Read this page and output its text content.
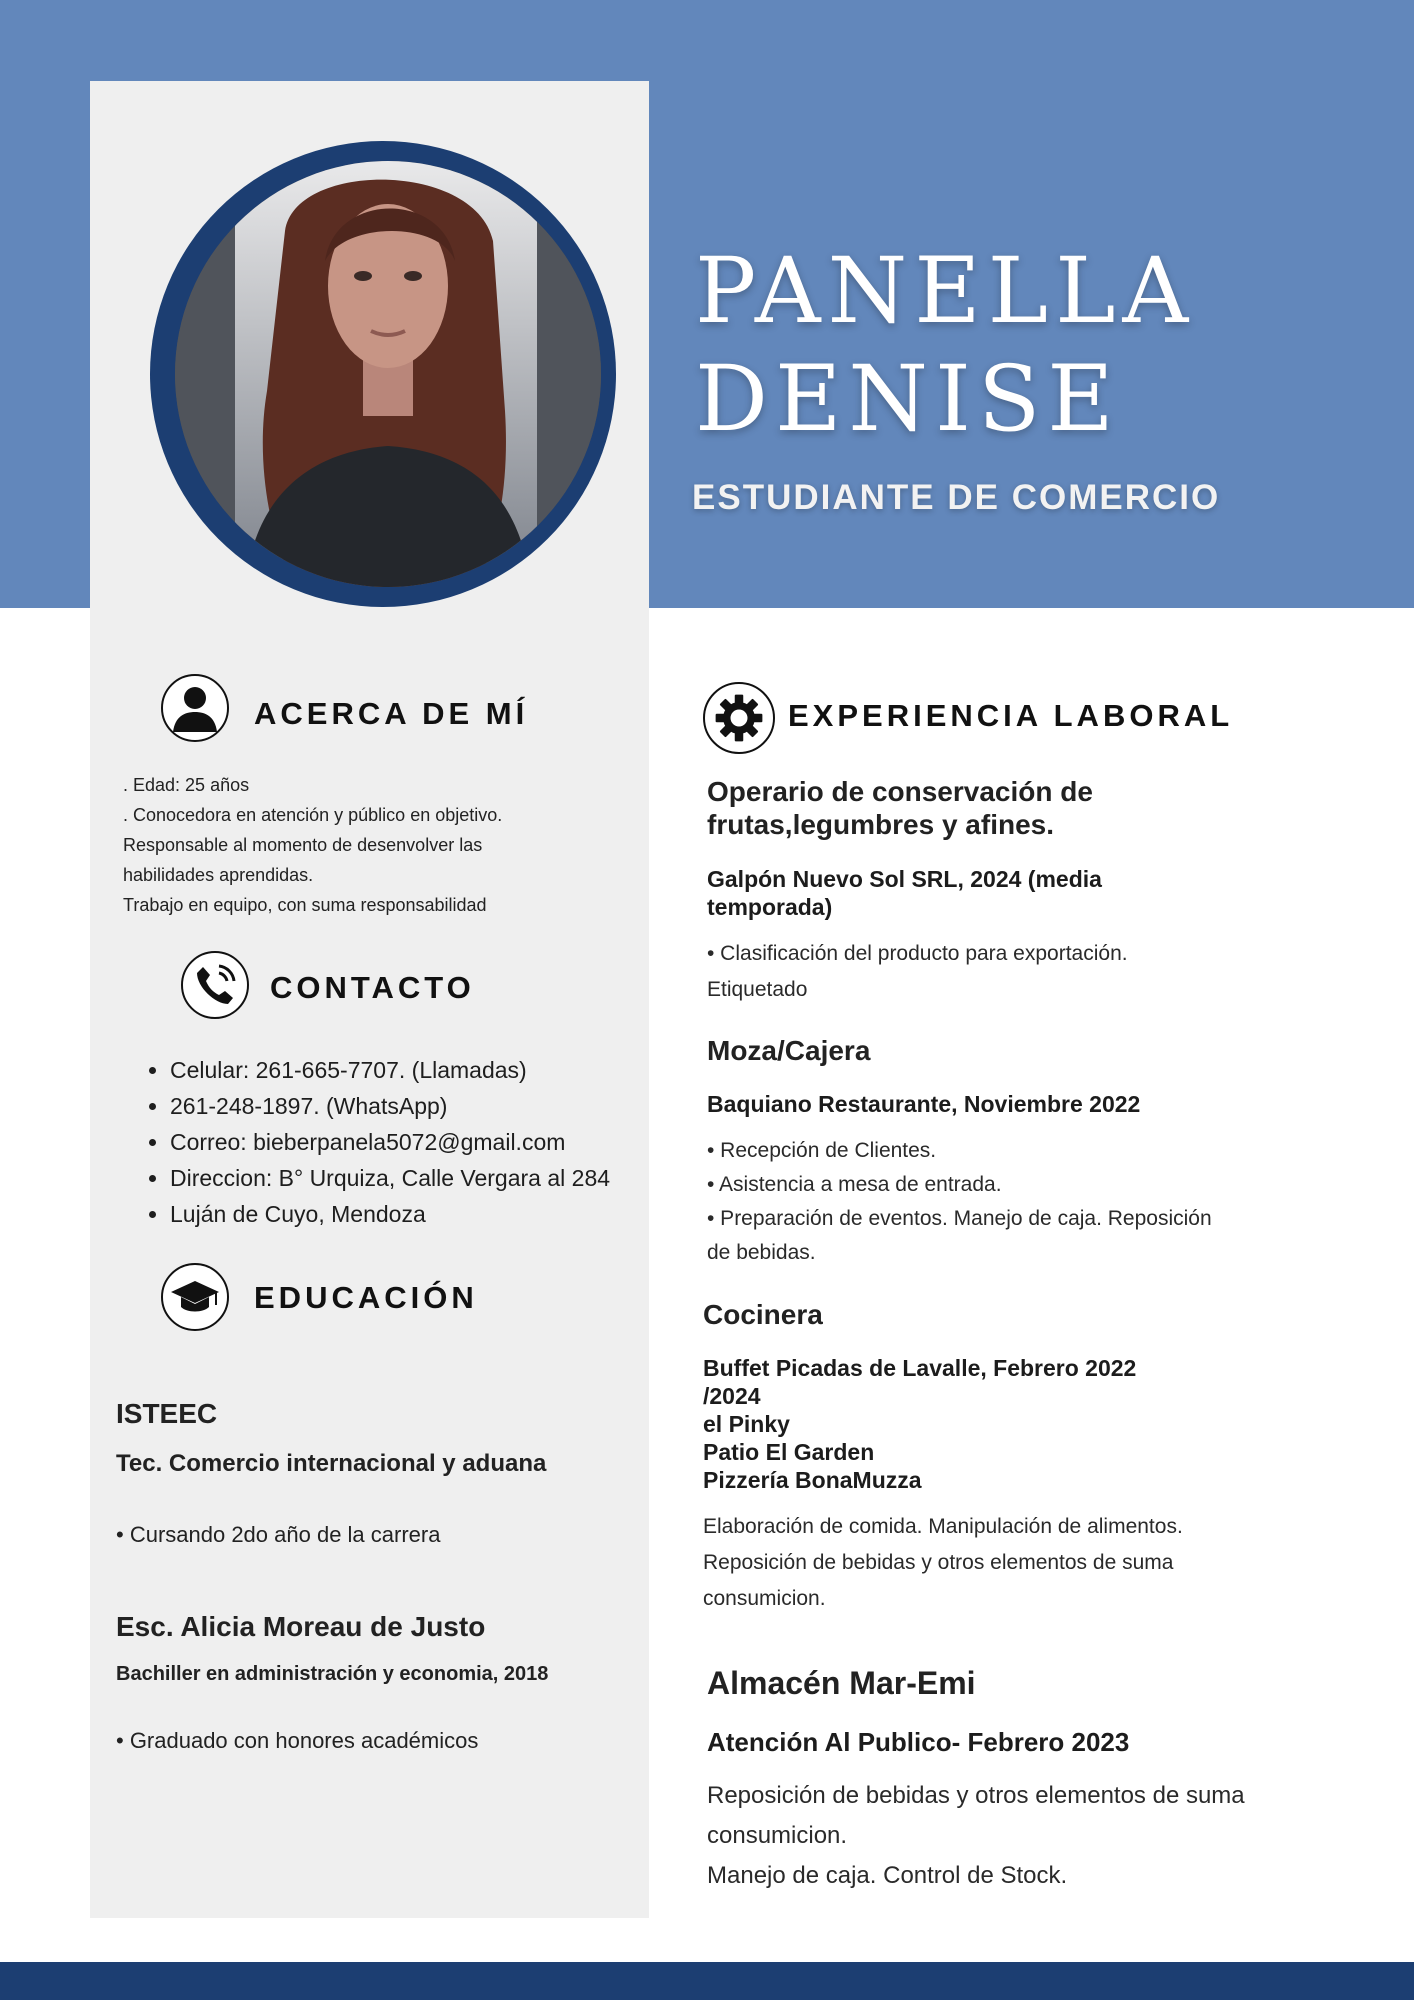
PANELLA
DENISE
ESTUDIANTE DE COMERCIO
ACERCA DE MÍ
. Edad: 25 años
. Conocedora en atención y público en objetivo.
Responsable al momento de desenvolver las
habilidades aprendidas.
Trabajo en equipo, con suma responsabilidad
CONTACTO
• Celular: 261-665-7707. (Llamadas)
• 261-248-1897. (WhatsApp)
• Correo: bieberpanela5072@gmail.com
• Direccion: B° Urquiza, Calle Vergara al 284
• Luján de Cuyo, Mendoza
EDUCACIÓN
ISTEEC
Tec. Comercio internacional y aduana
• Cursando 2do año de la carrera
Esc. Alicia Moreau de Justo
Bachiller en administración y economia, 2018
• Graduado con honores académicos
EXPERIENCIA LABORAL
Operario de conservación de
frutas,legumbres y afines.
Galpón Nuevo Sol SRL, 2024 (media
temporada)
• Clasificación del producto para exportación.
Etiquetado
Moza/Cajera
Baquiano Restaurante, Noviembre 2022
• Recepción de Clientes.
• Asistencia a mesa de entrada.
• Preparación de eventos. Manejo de caja. Reposición
de bebidas.
Cocinera
Buffet Picadas de Lavalle, Febrero 2022
/2024
el Pinky
Patio El Garden
Pizzería BonaMuzza
Elaboración de comida. Manipulación de alimentos.
Reposición de bebidas y otros elementos de suma
consumicion.
Almacén Mar-Emi
Atención Al Publico- Febrero 2023
Reposición de bebidas y otros elementos de suma
consumicion.
Manejo de caja. Control de Stock.
